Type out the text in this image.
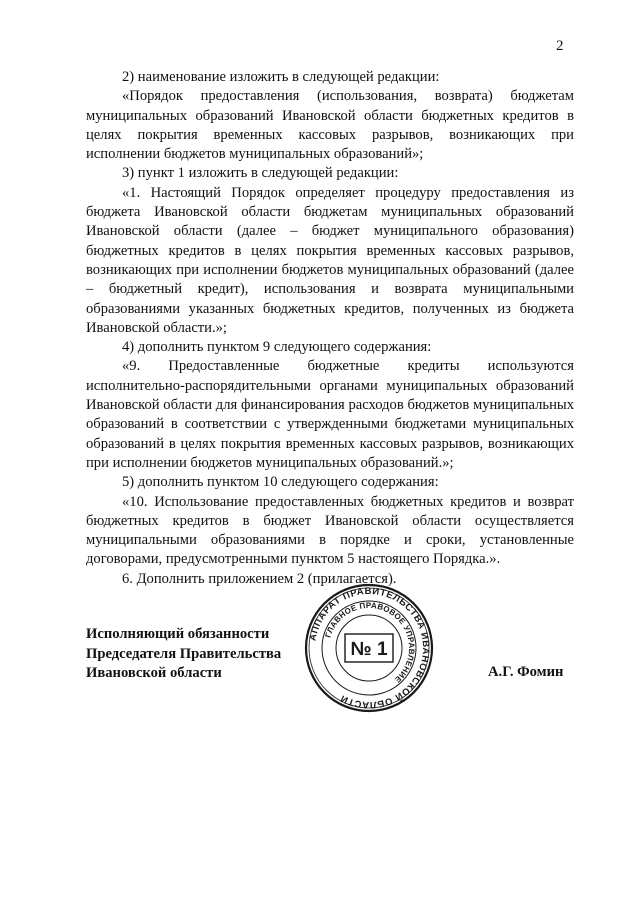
2

2) наименование изложить в следующей редакции:

«Порядок предоставления (использования, возврата) бюджетам муниципальных образований Ивановской области бюджетных кредитов в целях покрытия временных кассовых разрывов, возникающих при исполнении бюджетов муниципальных образований»;

3) пункт 1 изложить в следующей редакции:

«1. Настоящий Порядок определяет процедуру предоставления из бюджета Ивановской области бюджетам муниципальных образований Ивановской области (далее – бюджет муниципального образования) бюджетных кредитов в целях покрытия временных кассовых разрывов, возникающих при исполнении бюджетов муниципальных образований (далее – бюджетный кредит), использования и возврата муниципальными образованиями указанных бюджетных кредитов, полученных из бюджета Ивановской области.»;

4) дополнить пунктом 9 следующего содержания:

«9. Предоставленные бюджетные кредиты используются исполнительно-распорядительными органами муниципальных образований Ивановской области для финансирования расходов бюджетов муниципальных образований в соответствии с утвержденными бюджетами муниципальных образований в целях покрытия временных кассовых разрывов, возникающих при исполнении бюджетов муниципальных образований.»;

5) дополнить пунктом 10 следующего содержания:

«10. Использование предоставленных бюджетных кредитов и возврат бюджетных кредитов в бюджет Ивановской области осуществляется муниципальными образованиями в порядке и сроки, установленные договорами, предусмотренными пунктом 5 настоящего Порядка.».

6. Дополнить приложением 2 (прилагается).

Исполняющий обязанности
Председателя Правительства
Ивановской области	А.Г. Фомин
АППАРАТ ПРАВИТЕЛЬСТВА ИВАНОВСКОЙ ОБЛАСТИ
ГЛАВНОЕ ПРАВОВОЕ УПРАВЛЕНИЕ
№ 1
